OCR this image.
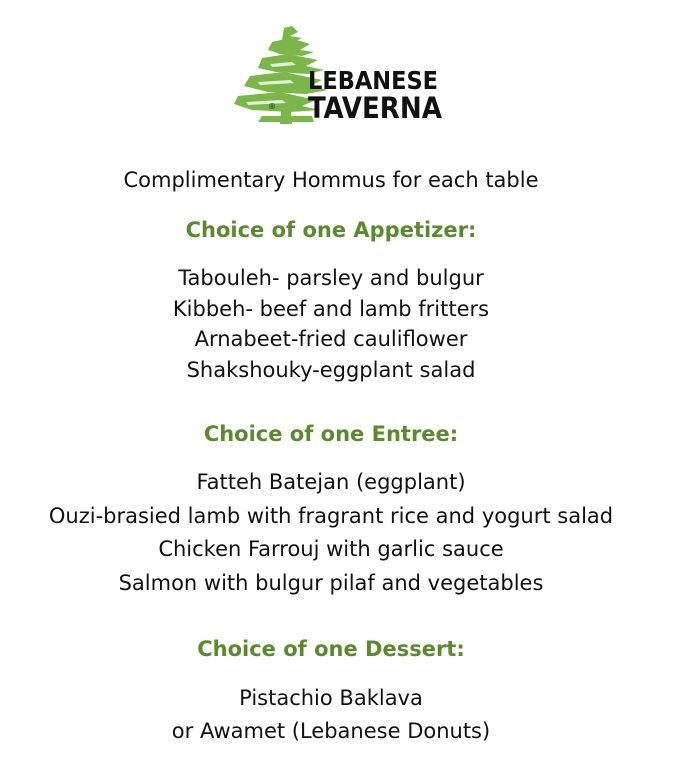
®
LEBANESE
TAVERNA
Complimentary Hommus for each table
Choice of one Appetizer:
Tabouleh- parsley and bulgur
Kibbeh- beef and lamb fritters
Arnabeet-fried cauliflower
Shakshouky-eggplant salad
Choice of one Entree:
Fatteh Batejan (eggplant)
Ouzi-brasied lamb with fragrant rice and yogurt salad
Chicken Farrouj with garlic sauce
Salmon with bulgur pilaf and vegetables
Choice of one Dessert:
Pistachio Baklava
or Awamet (Lebanese Donuts)
